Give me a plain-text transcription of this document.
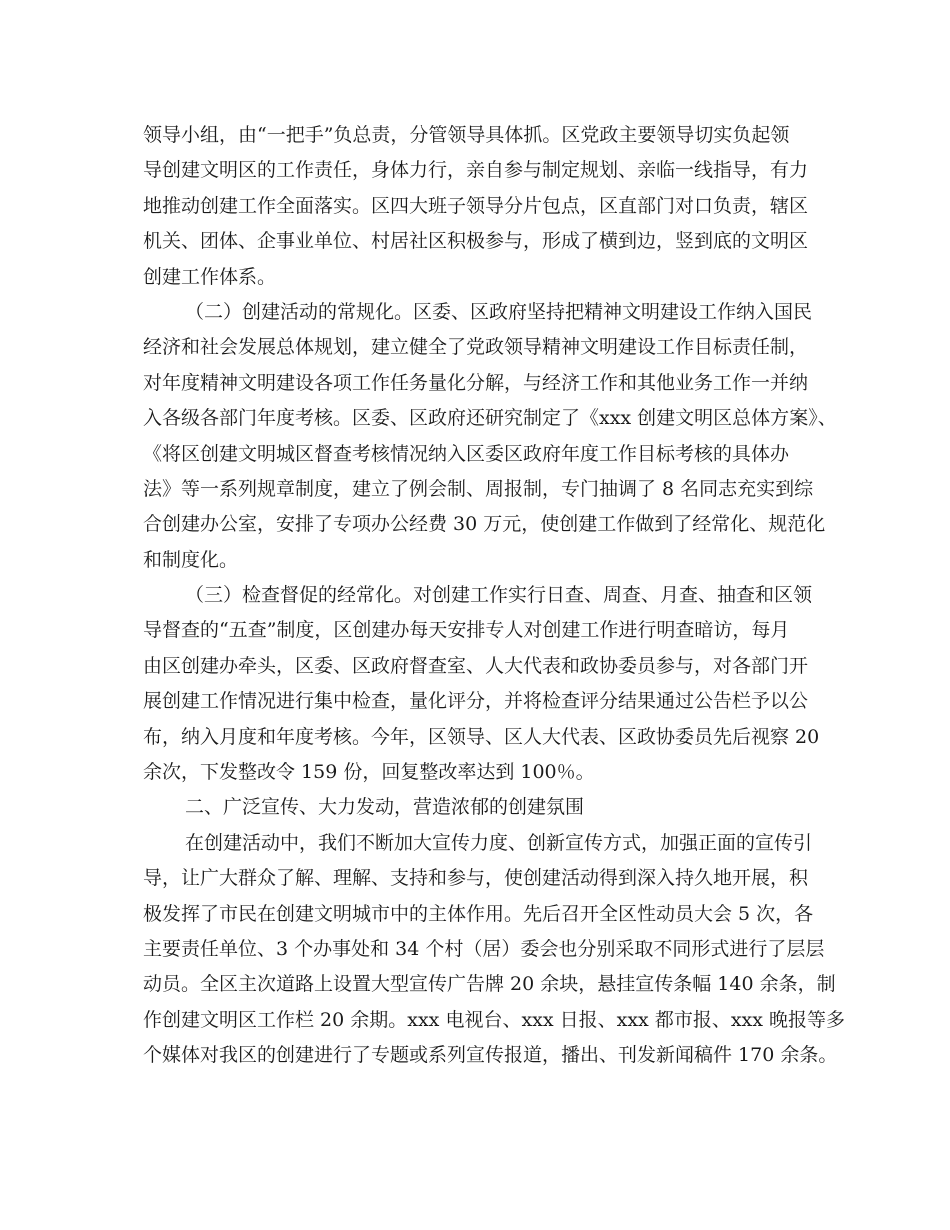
领导小组，由“一把手”负总责，分管领导具体抓。区党政主要领导切实负起领
导创建文明区的工作责任，身体力行，亲自参与制定规划、亲临一线指导，有力
地推动创建工作全面落实。区四大班子领导分片包点，区直部门对口负责，辖区
机关、团体、企事业单位、村居社区积极参与，形成了横到边，竖到底的文明区
创建工作体系。
（二）创建活动的常规化。区委、区政府坚持把精神文明建设工作纳入国民
经济和社会发展总体规划，建立健全了党政领导精神文明建设工作目标责任制，
对年度精神文明建设各项工作任务量化分解，与经济工作和其他业务工作一并纳
入各级各部门年度考核。区委、区政府还研究制定了《xxx 创建文明区总体方案》、
《将区创建文明城区督查考核情况纳入区委区政府年度工作目标考核的具体办
法》等一系列规章制度，建立了例会制、周报制，专门抽调了 8 名同志充实到综
合创建办公室，安排了专项办公经费 30 万元，使创建工作做到了经常化、规范化
和制度化。
（三）检查督促的经常化。对创建工作实行日查、周查、月查、抽查和区领
导督查的“五查”制度，区创建办每天安排专人对创建工作进行明查暗访，每月
由区创建办牵头，区委、区政府督查室、人大代表和政协委员参与，对各部门开
展创建工作情况进行集中检查，量化评分，并将检查评分结果通过公告栏予以公
布，纳入月度和年度考核。今年，区领导、区人大代表、区政协委员先后视察 20
余次，下发整改令 159 份，回复整改率达到 100％。
二、广泛宣传、大力发动，营造浓郁的创建氛围
在创建活动中，我们不断加大宣传力度、创新宣传方式，加强正面的宣传引
导，让广大群众了解、理解、支持和参与，使创建活动得到深入持久地开展，积
极发挥了市民在创建文明城市中的主体作用。先后召开全区性动员大会 5 次，各
主要责任单位、3 个办事处和 34 个村（居）委会也分别采取不同形式进行了层层
动员。全区主次道路上设置大型宣传广告牌 20 余块，悬挂宣传条幅 140 余条，制
作创建文明区工作栏 20 余期。xxx 电视台、xxx 日报、xxx 都市报、xxx 晚报等多
个媒体对我区的创建进行了专题或系列宣传报道，播出、刊发新闻稿件 170 余条。
